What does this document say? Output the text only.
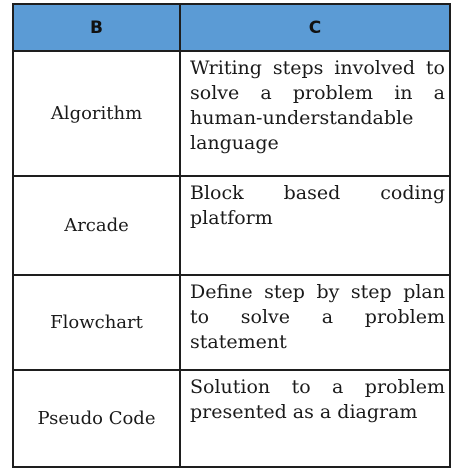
B	C
Algorithm	Writing steps involved to solve a problem in a human-understandable language
Arcade	Block based coding platform
Flowchart	Define step by step plan to solve a problem statement
Pseudo Code	Solution to a problem presented as a diagram
